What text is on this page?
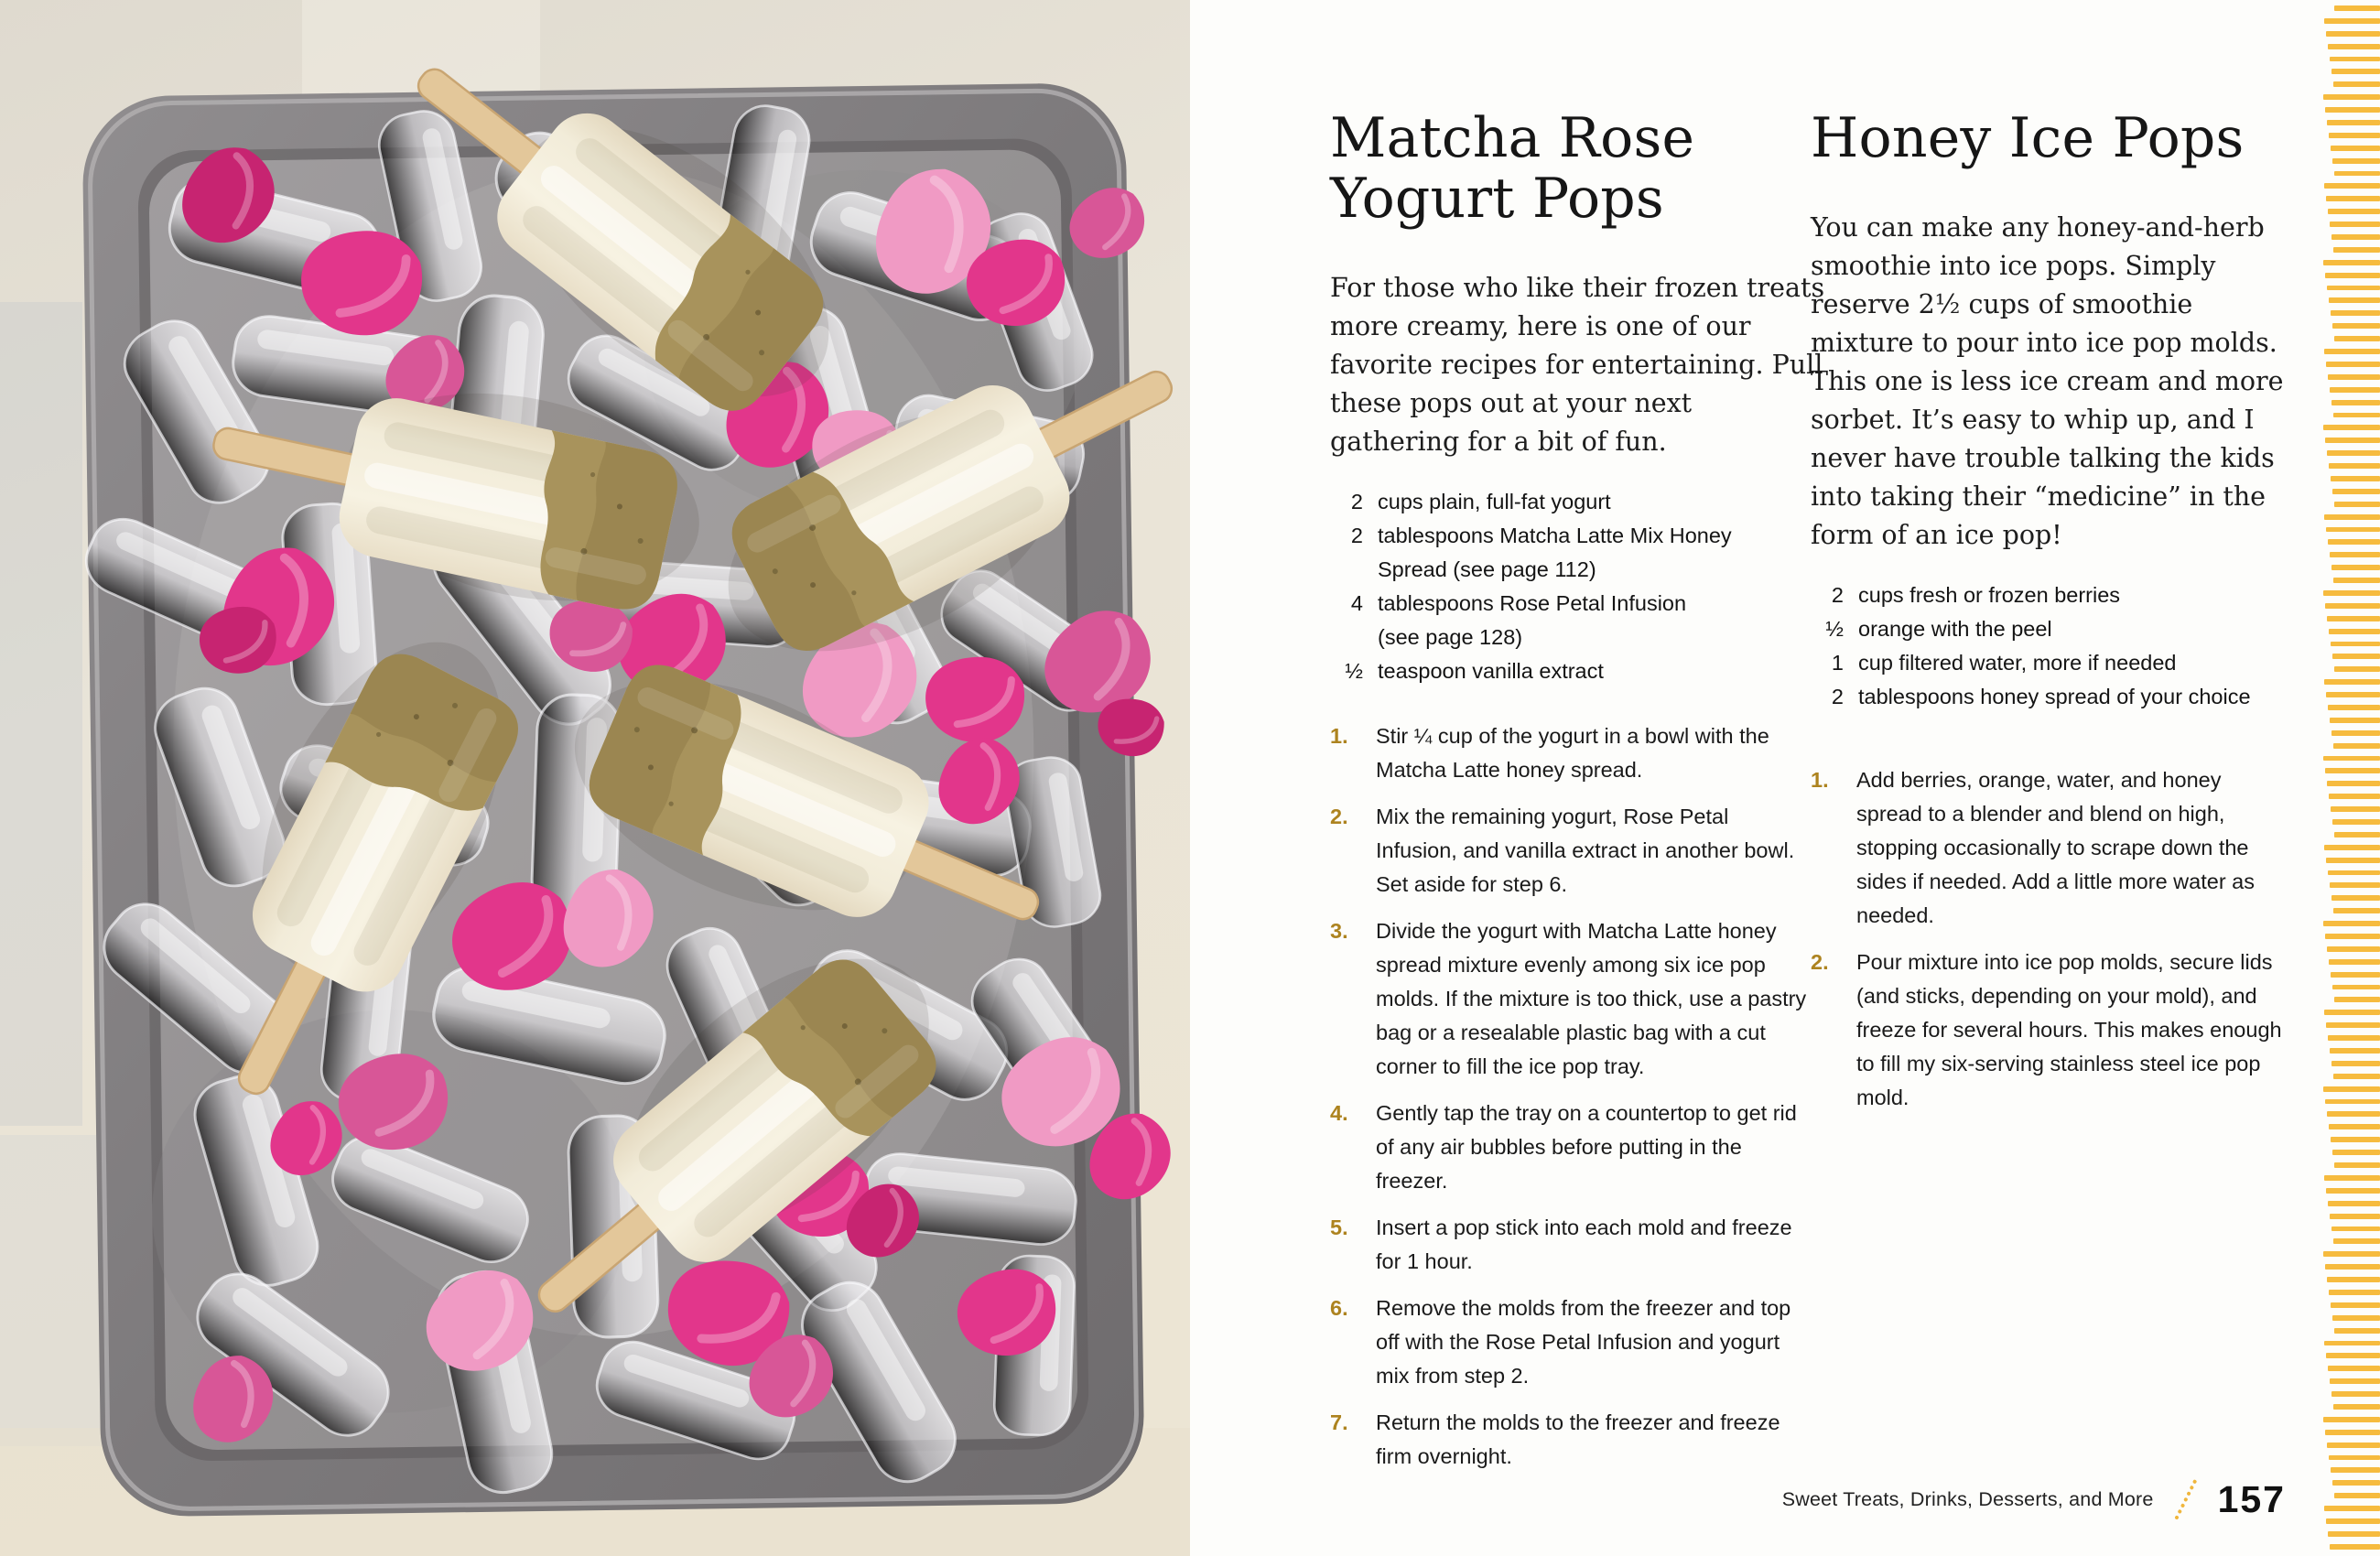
Matcha Rose
Yogurt Pops

For those who like their frozen treats more creamy, here is one of our favorite recipes for entertaining. Pull these pops out at your next gathering for a bit of fun.

2 cups plain, full-fat yogurt
2 tablespoons Matcha Latte Mix Honey
Spread (see page 112)
4 tablespoons Rose Petal Infusion
(see page 128)
½ teaspoon vanilla extract
1.	Stir ¼ cup of the yogurt in a bowl with the Matcha Latte honey spread.
2.	Mix the remaining yogurt, Rose Petal Infusion, and vanilla extract in another bowl. Set aside for step 6.
3.	Divide the yogurt with Matcha Latte honey spread mixture evenly among six ice pop molds. If the mixture is too thick, use a pastry bag or a resealable plastic bag with a cut corner to fill the ice pop tray.
4.	Gently tap the tray on a countertop to get rid of any air bubbles before putting in the freezer.
5.	Insert a pop stick into each mold and freeze for 1 hour.
6.	Remove the molds from the freezer and top off with the Rose Petal Infusion and yogurt mix from step 2.
7.	Return the molds to the freezer and freeze firm overnight.
Honey Ice Pops

You can make any honey-and-herb smoothie into ice pops. Simply reserve 2½ cups of smoothie mixture to pour into ice pop molds. This one is less ice cream and more sorbet. It’s easy to whip up, and I never have trouble talking the kids into taking their “medicine” in the form of an ice pop!

2 cups fresh or frozen berries
½ orange with the peel
1 cup filtered water, more if needed
2 tablespoons honey spread of your choice
1.	Add berries, orange, water, and honey spread to a blender and blend on high, stopping occasionally to scrape down the sides if needed. Add a little more water as needed.
2.	Pour mixture into ice pop molds, secure lids (and sticks, depending on your mold), and freeze for several hours. This makes enough to fill my six-serving stainless steel ice pop mold.
Sweet Treats, Drinks, Desserts, and More 157
